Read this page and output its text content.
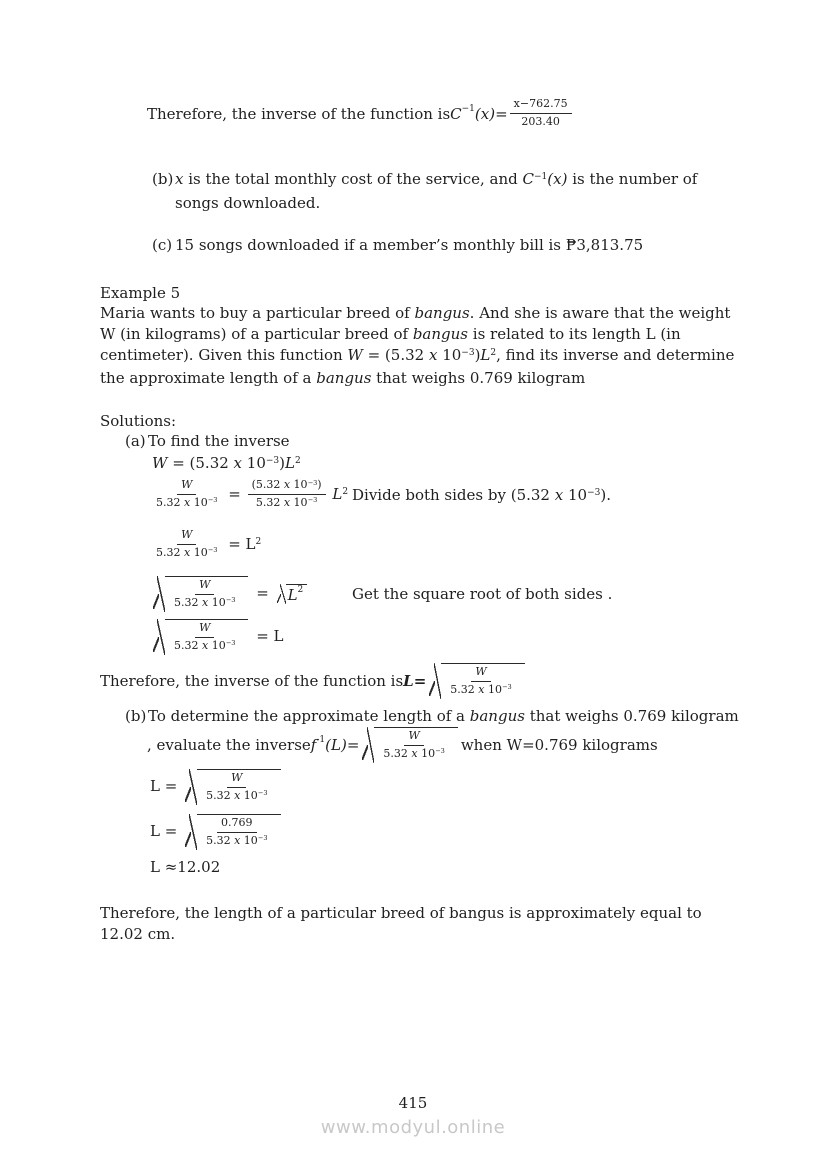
Therefore, the inverse of the function is $C^{-1}$ $(x) = \frac{x-762.75}{203.40}$
(b) x is the total monthly cost of the service, and $C^{-1}(x)$ is the number of
songs downloaded.
(c) 15 songs downloaded if a member’s monthly bill is ₱3,813.75
Example 5
Maria wants to buy a particular breed of bangus. And she is aware that the weight
W (in kilograms) of a particular breed of bangus is related to its length L (in
centimeter). Given this function W = (5.32 x $10^{-3})L^2$, find its inverse and determine
the approximate length of a bangus that weighs 0.769 kilogram
Solutions:
(a) To find the inverse
W = (5.32 x $10^{-3})L^2$
$\frac{W}{5.32 x 10^{-3}} = \frac{(5.32 x 10^{-3})}{5.32 x 10^{-3}} L^2$ Divide both sides by (5.32 x $10^{-3}$).
$\frac{W}{5.32 x 10^{-3}} = L^2$
$\frac{W}{5.32 x 10^{-3}} = L^2$	Get the square root of both sides .
$\frac{W}{5.32 x 10^{-3}} = L$
Therefore, the inverse of the function is $L = \frac{W}{5.32 x 10^{-3}}$
(b) To determine the approximate length of a bangus that weighs 0.769 kilogram
, evaluate the inverse $f^{-1}$ $(L) = \frac{W}{5.32 x 10^{-3}}$ when W=0.769 kilograms
$L = \frac{W}{5.32 x 10^{-3}}$
$L = \frac{0.769}{5.32 x 10^{-3}}$
L ≈12.02
Therefore, the length of a particular breed of bangus is approximately equal to
12.02 cm.
415
www.modyul.online
